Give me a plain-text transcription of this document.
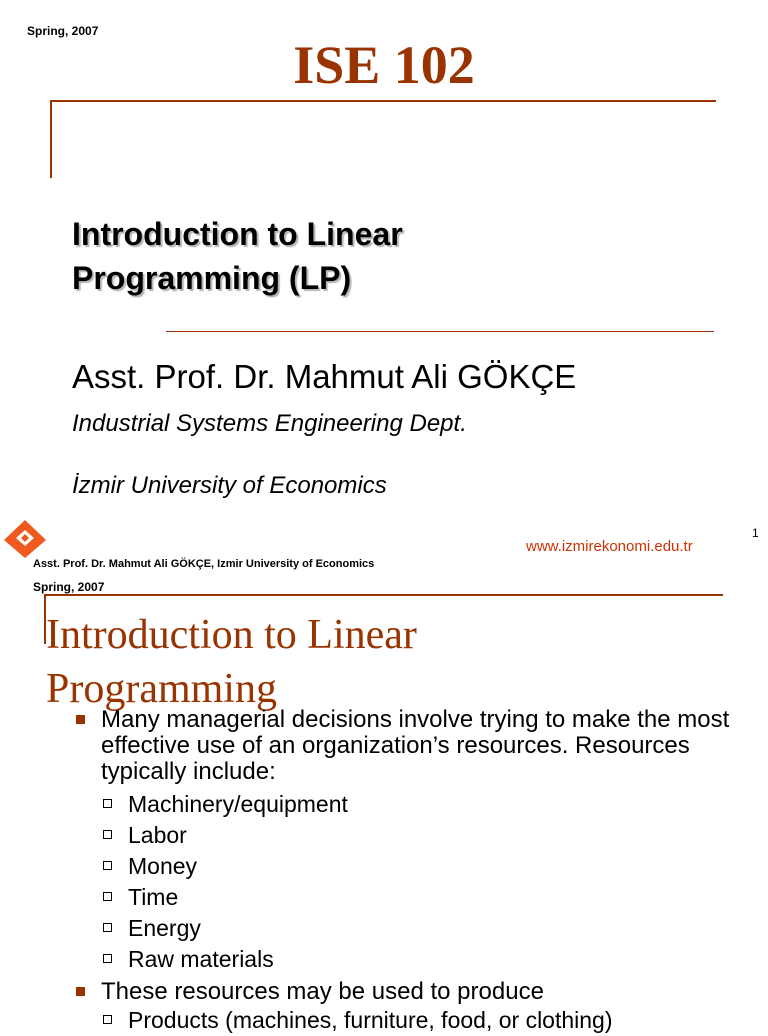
Spring, 2007
ISE 102
Introduction to Linear
Programming (LP)
Asst. Prof. Dr. Mahmut Ali GÖKÇE
Industrial Systems Engineering Dept.
İzmir University of Economics
www.izmirekonomi.edu.tr
1
Asst. Prof. Dr. Mahmut Ali GÖKÇE, Izmir University of Economics
Spring, 2007
Introduction to Linear
Programming
Many managerial decisions involve trying to make the most effective use of an organization’s resources. Resources typically include:
Machinery/equipment
Labor
Money
Time
Energy
Raw materials
These resources may be used to produce
Products (machines, furniture, food, or clothing)
